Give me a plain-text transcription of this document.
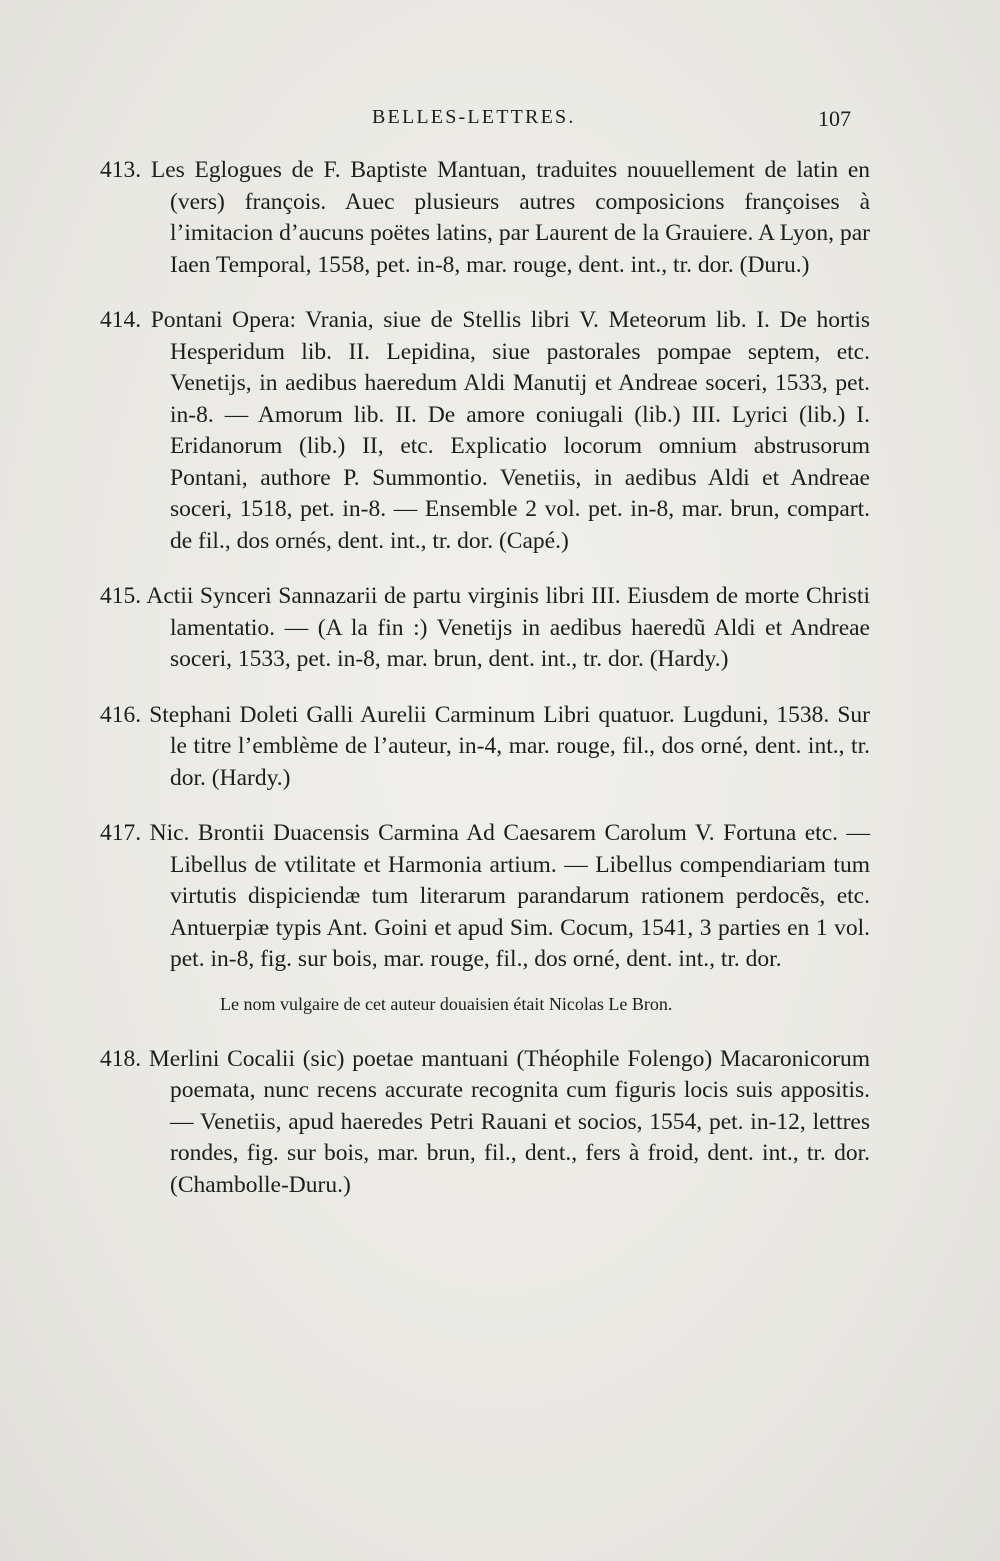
BELLES-LETTRES.	107

413. Les Eglogues de F. Baptiste Mantuan, traduites nouuellement de latin en (vers) françois. Auec plusieurs autres composicions françoises à l’imitacion d’aucuns poëtes latins, par Laurent de la Grauiere. A Lyon, par Iaen Temporal, 1558, pet. in-8, mar. rouge, dent. int., tr. dor. (Duru.)

414. Pontani Opera: Vrania, siue de Stellis libri V. Meteorum lib. I. De hortis Hesperidum lib. II. Lepidina, siue pastorales pompae septem, etc. Venetijs, in aedibus haeredum Aldi Manutij et Andreae soceri, 1533, pet. in-8. — Amorum lib. II. De amore coniugali (lib.) III. Lyrici (lib.) I. Eridanorum (lib.) II, etc. Explicatio locorum omnium abstrusorum Pontani, authore P. Summontio. Venetiis, in aedibus Aldi et Andreae soceri, 1518, pet. in-8. — Ensemble 2 vol. pet. in-8, mar. brun, compart. de fil., dos ornés, dent. int., tr. dor. (Capé.)

415. Actii Synceri Sannazarii de partu virginis libri III. Eiusdem de morte Christi lamentatio. — (A la fin :) Venetijs in aedibus haeredũ Aldi et Andreae soceri, 1533, pet. in-8, mar. brun, dent. int., tr. dor. (Hardy.)

416. Stephani Doleti Galli Aurelii Carminum Libri quatuor. Lugduni, 1538. Sur le titre l’emblème de l’auteur, in-4, mar. rouge, fil., dos orné, dent. int., tr. dor. (Hardy.)

417. Nic. Brontii Duacensis Carmina Ad Caesarem Carolum V. Fortuna etc. — Libellus de vtilitate et Harmonia artium. — Libellus compendiariam tum virtutis dispiciendæ tum literarum parandarum rationem perdocẽs, etc. Antuerpiæ typis Ant. Goini et apud Sim. Cocum, 1541, 3 parties en 1 vol. pet. in-8, fig. sur bois, mar. rouge, fil., dos orné, dent. int., tr. dor.

Le nom vulgaire de cet auteur douaisien était Nicolas Le Bron.

418. Merlini Cocalii (sic) poetae mantuani (Théophile Folengo) Macaronicorum poemata, nunc recens accurate recognita cum figuris locis suis appositis. — Venetiis, apud haeredes Petri Rauani et socios, 1554, pet. in-12, lettres rondes, fig. sur bois, mar. brun, fil., dent., fers à froid, dent. int., tr. dor. (Chambolle-Duru.)
